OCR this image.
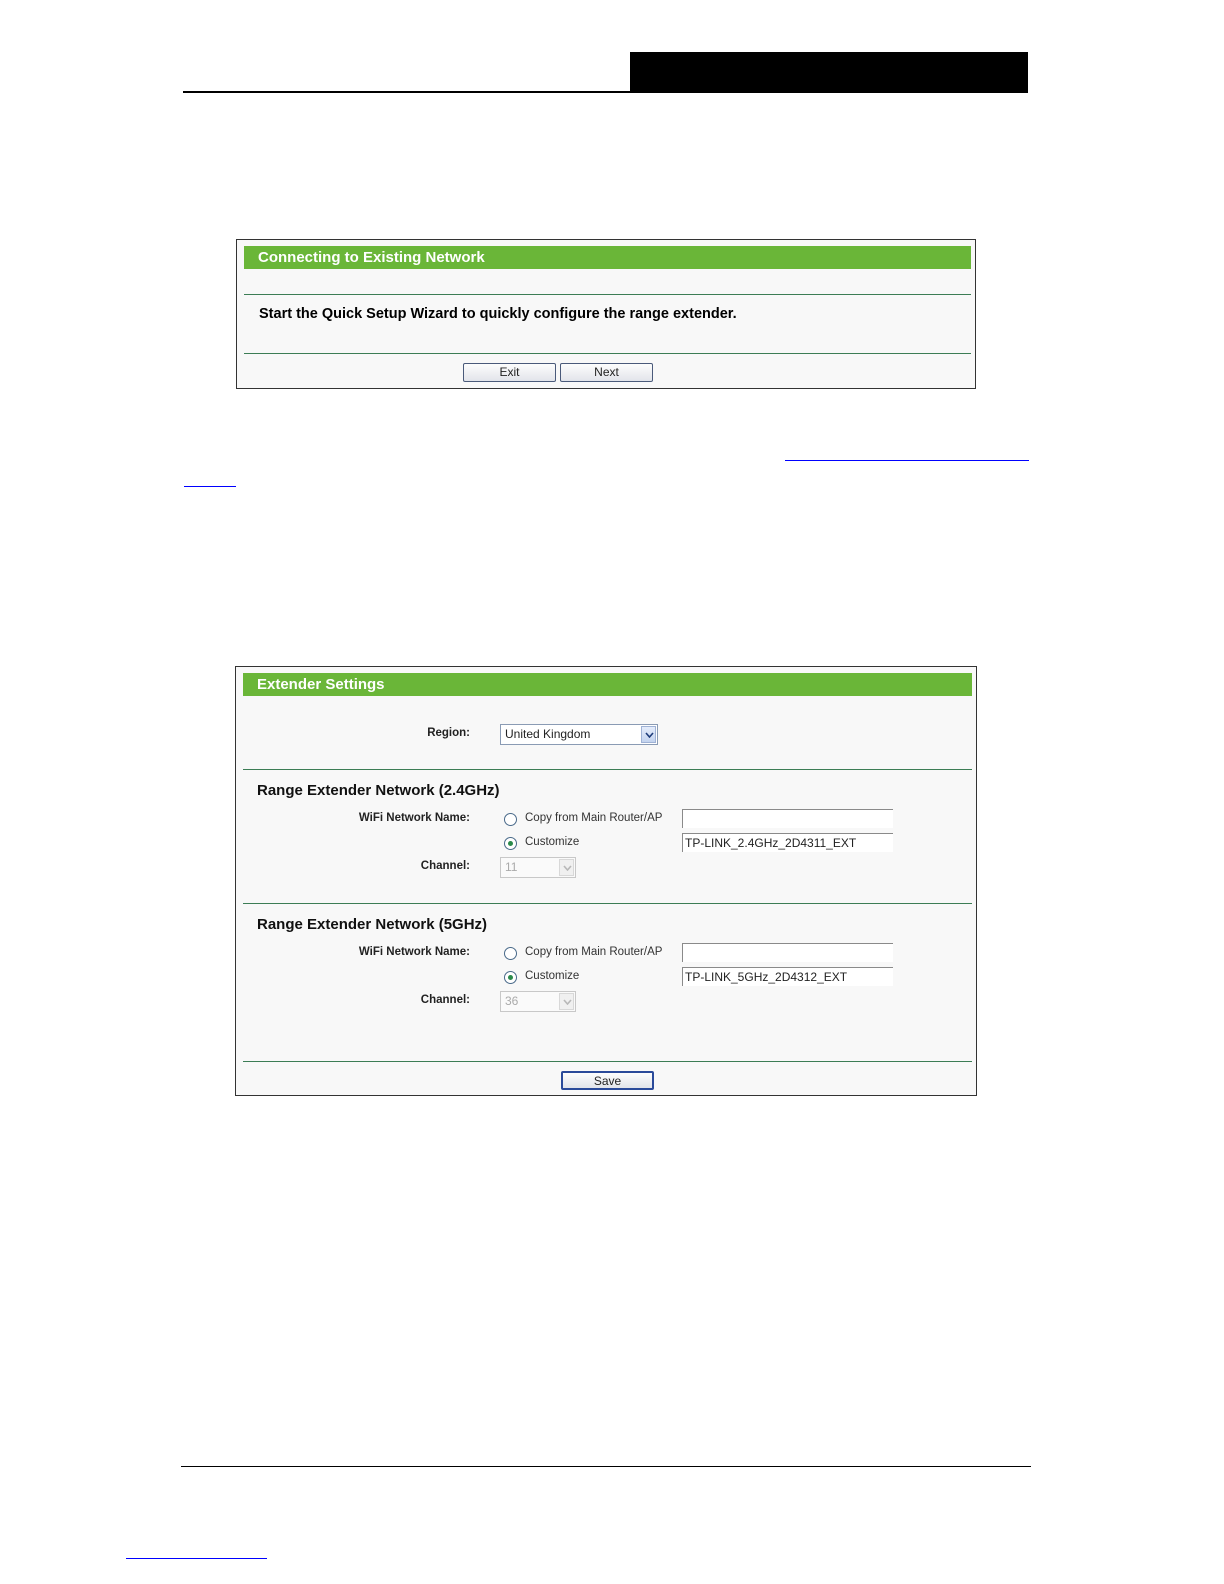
Connecting to Existing Network
Start the Quick Setup Wizard to quickly configure the range extender.
Exit	Next
Extender Settings
Region:	United Kingdom
Range Extender Network (2.4GHz)
WiFi Network Name:	Copy from Main Router/AP
Customize	TP-LINK_2.4GHz_2D4311_EXT
Channel:	11
Range Extender Network (5GHz)
WiFi Network Name:	Copy from Main Router/AP
Customize	TP-LINK_5GHz_2D4312_EXT
Channel:	36
Save
